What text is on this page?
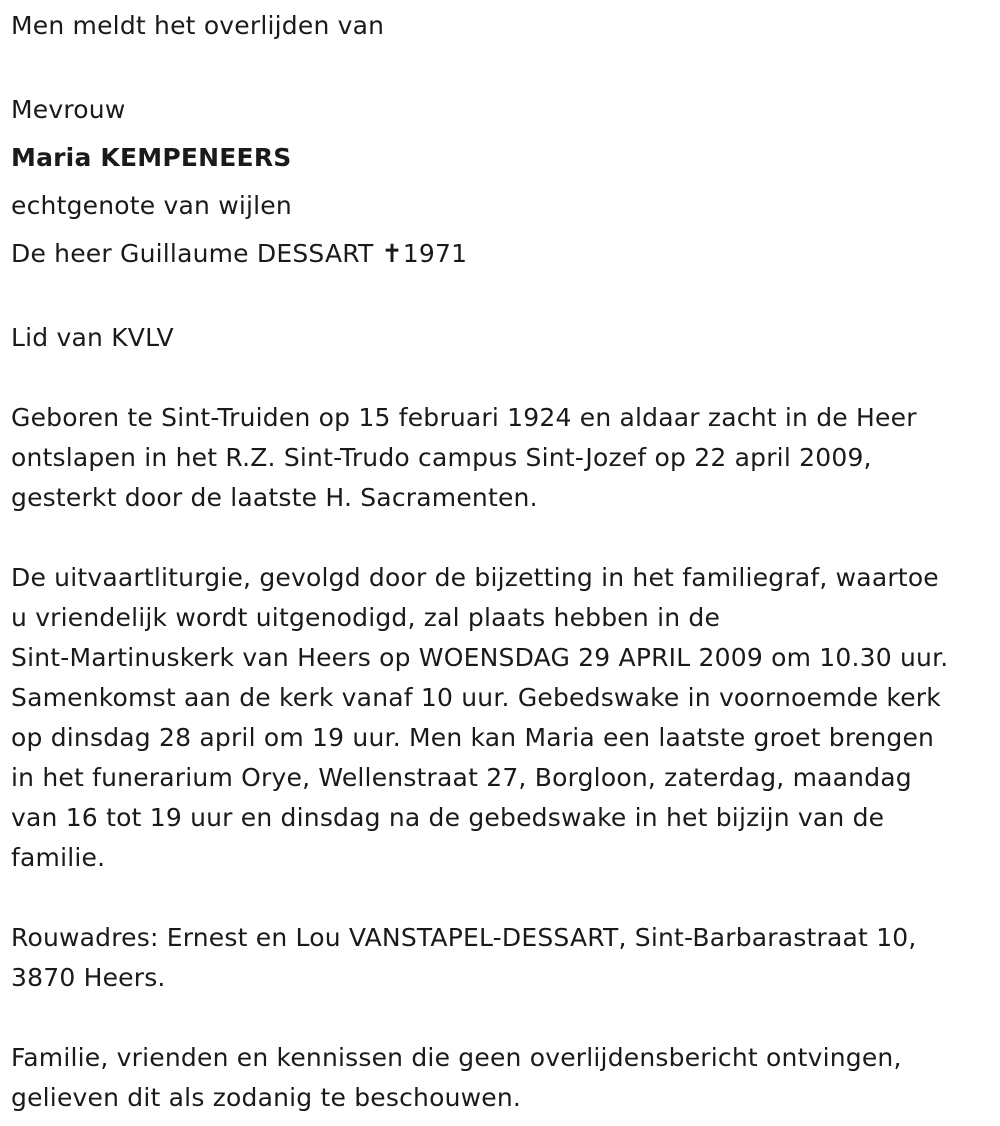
Men meldt het overlijden van
Mevrouw
Maria KEMPENEERS
echtgenote van wijlen
De heer Guillaume DESSART ✝1971
Lid van KVLV
Geboren te Sint-Truiden op 15 februari 1924 en aldaar zacht in de Heer
ontslapen in het R.Z. Sint-Trudo campus Sint-Jozef op 22 april 2009,
gesterkt door de laatste H. Sacramenten.
De uitvaartliturgie, gevolgd door de bijzetting in het familiegraf, waartoe
u vriendelijk wordt uitgenodigd, zal plaats hebben in de
Sint-Martinuskerk van Heers op WOENSDAG 29 APRIL 2009 om 10.30 uur.
Samenkomst aan de kerk vanaf 10 uur. Gebedswake in voornoemde kerk
op dinsdag 28 april om 19 uur. Men kan Maria een laatste groet brengen
in het funerarium Orye, Wellenstraat 27, Borgloon, zaterdag, maandag
van 16 tot 19 uur en dinsdag na de gebedswake in het bijzijn van de
familie.
Rouwadres: Ernest en Lou VANSTAPEL-DESSART, Sint-Barbarastraat 10,
3870 Heers.
Familie, vrienden en kennissen die geen overlijdensbericht ontvingen,
gelieven dit als zodanig te beschouwen.
